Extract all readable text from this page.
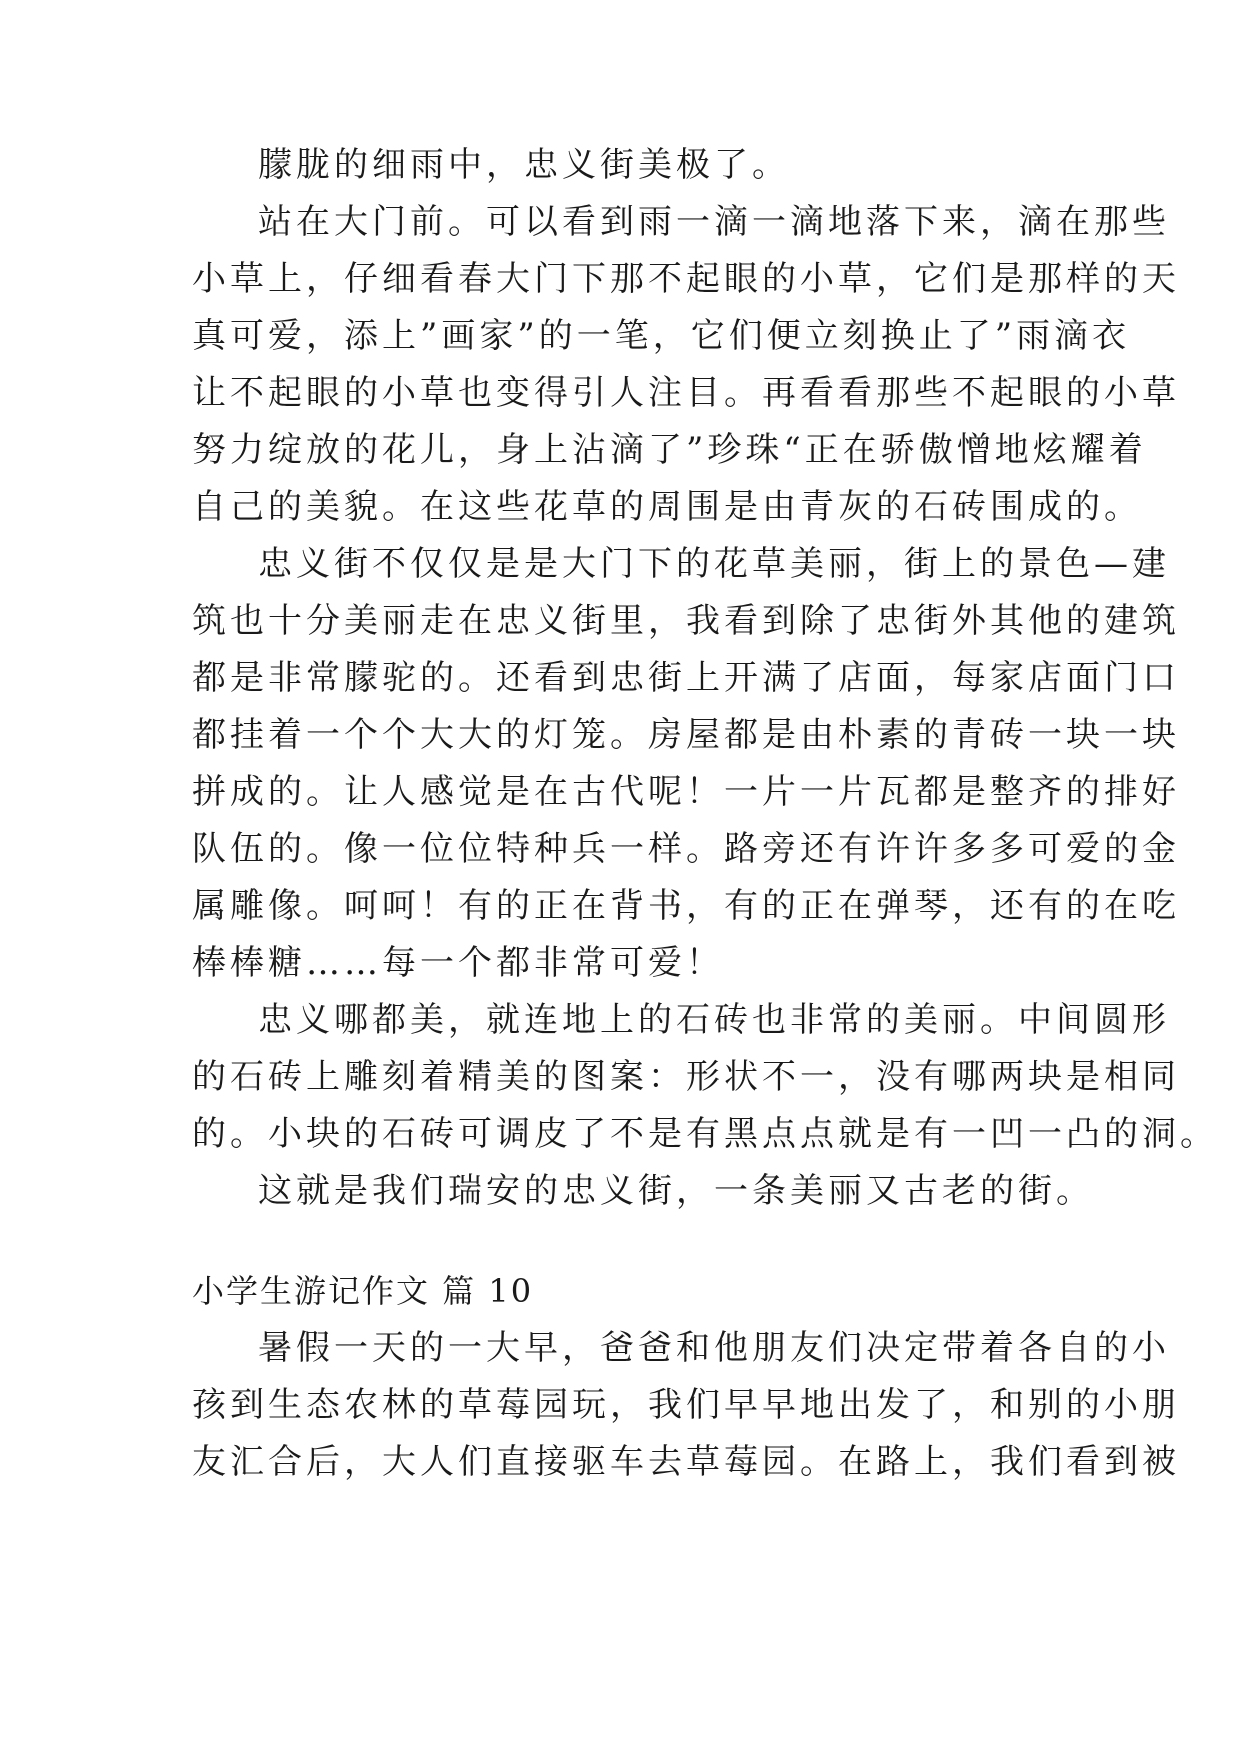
朦胧的细雨中，忠义街美极了。
站在大门前。可以看到雨一滴一滴地落下来，滴在那些
小草上，仔细看春大门下那不起眼的小草，它们是那样的天
真可爱，添上”画家”的一笔，它们便立刻换止了”雨滴衣
让不起眼的小草也变得引人注目。再看看那些不起眼的小草
努力绽放的花儿，身上沾滴了”珍珠“正在骄傲憎地炫耀着
自己的美貌。在这些花草的周围是由青灰的石砖围成的。
忠义街不仅仅是是大门下的花草美丽，街上的景色—建
筑也十分美丽走在忠义街里，我看到除了忠街外其他的建筑
都是非常朦驼的。还看到忠街上开满了店面，每家店面门口
都挂着一个个大大的灯笼。房屋都是由朴素的青砖一块一块
拼成的。让人感觉是在古代呢！一片一片瓦都是整齐的排好
队伍的。像一位位特种兵一样。路旁还有许许多多可爱的金
属雕像。呵呵！有的正在背书，有的正在弹琴，还有的在吃
棒棒糖……每一个都非常可爱！
忠义哪都美，就连地上的石砖也非常的美丽。中间圆形
的石砖上雕刻着精美的图案：形状不一，没有哪两块是相同
的。小块的石砖可调皮了不是有黑点点就是有一凹一凸的洞。
这就是我们瑞安的忠义街，一条美丽又古老的街。
小学生游记作文 篇 10
暑假一天的一大早，爸爸和他朋友们决定带着各自的小
孩到生态农林的草莓园玩，我们早早地出发了，和别的小朋
友汇合后，大人们直接驱车去草莓园。在路上，我们看到被
